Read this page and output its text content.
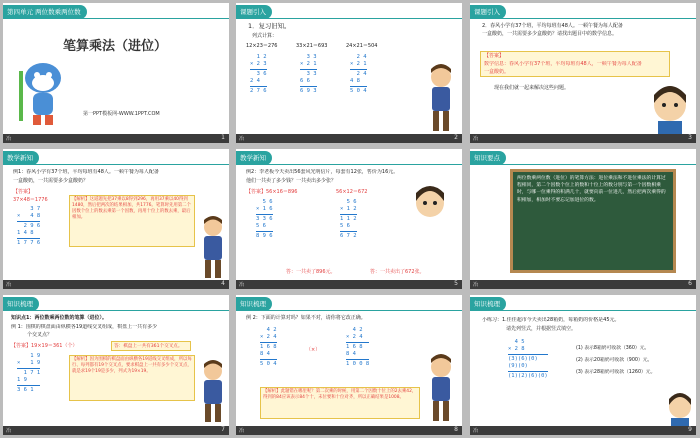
第四单元 两位数乘两位数
笔算乘法（进位）
第一PPT模板网-WWW.1PPT.COM
冶	1
课题引入
1．复习旧知。
列式计算：
12×23＝276	33×21＝693	24×21＝504
1 2
× 2 3
3 6
2 4
2 7 6
3 3
× 2 1
3 3
6 6
6 9 3
2 4
× 2 1
2 4
4 8
5 0 4
冶	2
课题引入
2．春风小学有37个班，平均每班有48人。一顿午餐为每人配备
一盒酸奶，一共需要多少盒酸奶？请找出题目中的数学信息。
【答案】
数学信息：春风小学有37个班，平均每班有48人，一顿午餐为每人配备
一盒酸奶。
现在我们就一起来解决这些问题。
冶	3
教学新知
例1：春风小学有37个班，平均每班有48人。一顿午餐为每人配备
一盒酸奶，一共需要多少盒酸奶？
【答案】
37×48＝1776
3 7
×   4 8
2 9 6
1 4 8
1 7 7 6
【解析】这道题先把37乘以8得到296，再用37乘以40得到1480，然后把两次的结果相加，共1776。笔算时先用第二个因数个位上的数去乘第一个因数，再用十位上的数去乘，最后相加。
冶	4
教学新知
例2：李老板今天卖出56套风光明信片，每套有12张，售价为16元。
他们一共卖了多少钱？一共卖出多少张？
【答案】 56×16＝896	56×12＝672
5 6
× 1 6
3 3 6
5 6
8 9 6
5 6
× 1 2
1 1 2
5 6
6 7 2
答：一共卖了896元。	答：一共卖出了672张。
冶	5
知识要点
两位数乘两位数（进位）的笔算方法：进位乘法和不进位乘法的计算过程相同，第二个因数个位上的数和十位上的数分别与第一个因数相乘时，与哪一位乘得的积满几十，就要向前一位进几，然后把两次乘得的积相加，相加时不要忘记加进位的数。
冶	6
知识梳理
知识点1：两位数乘两位数的笔算（进位）。
例 1：围棋的棋盘面由纵横各19道线交叉组成，棋盘上一共有多少
个交叉点？
【答案】 19×19＝361（个）	答：棋盘上一共有361个交叉点。
1 9
×   1 9
1 7 1
1 9
3 6 1
【解析】因为围棋的棋盘面由纵横各19道线交叉组成，所以每行、每列都有19个交叉点，要求棋盘上一共有多少个交叉点，就是求19个19是多少，列式为19×19。
冶	7
知识梳理
例 2：下面的计算对吗？如果不对，请你将它改正确。
4 2
× 2 4
1 6 8
8 4
5 0 4
（×）
4 2
× 2 4
1 6 8
8 4
1 0 0 8
【解析】此题错在哪里呢？第二次乘的时候，用第二个因数十位上的2去乘42，得到的84应该表示84个十，末位要和十位对齐，所以正确结果是1008。
冶	8
知识梳理
小练习：1.佳佳超市今天卖出28箱奶，每箱奶的价格是45元。
请先列竖式，并根据竖式填空。
4 5
× 2 8
(3)(6)(0)
(9)(0)
(1)(2)(6)(0)
(1) 表示8箱奶可收款（360）元。
(2) 表示20箱奶可收款（900）元。
(3) 表示28箱奶可收款（1260）元。
冶	9
